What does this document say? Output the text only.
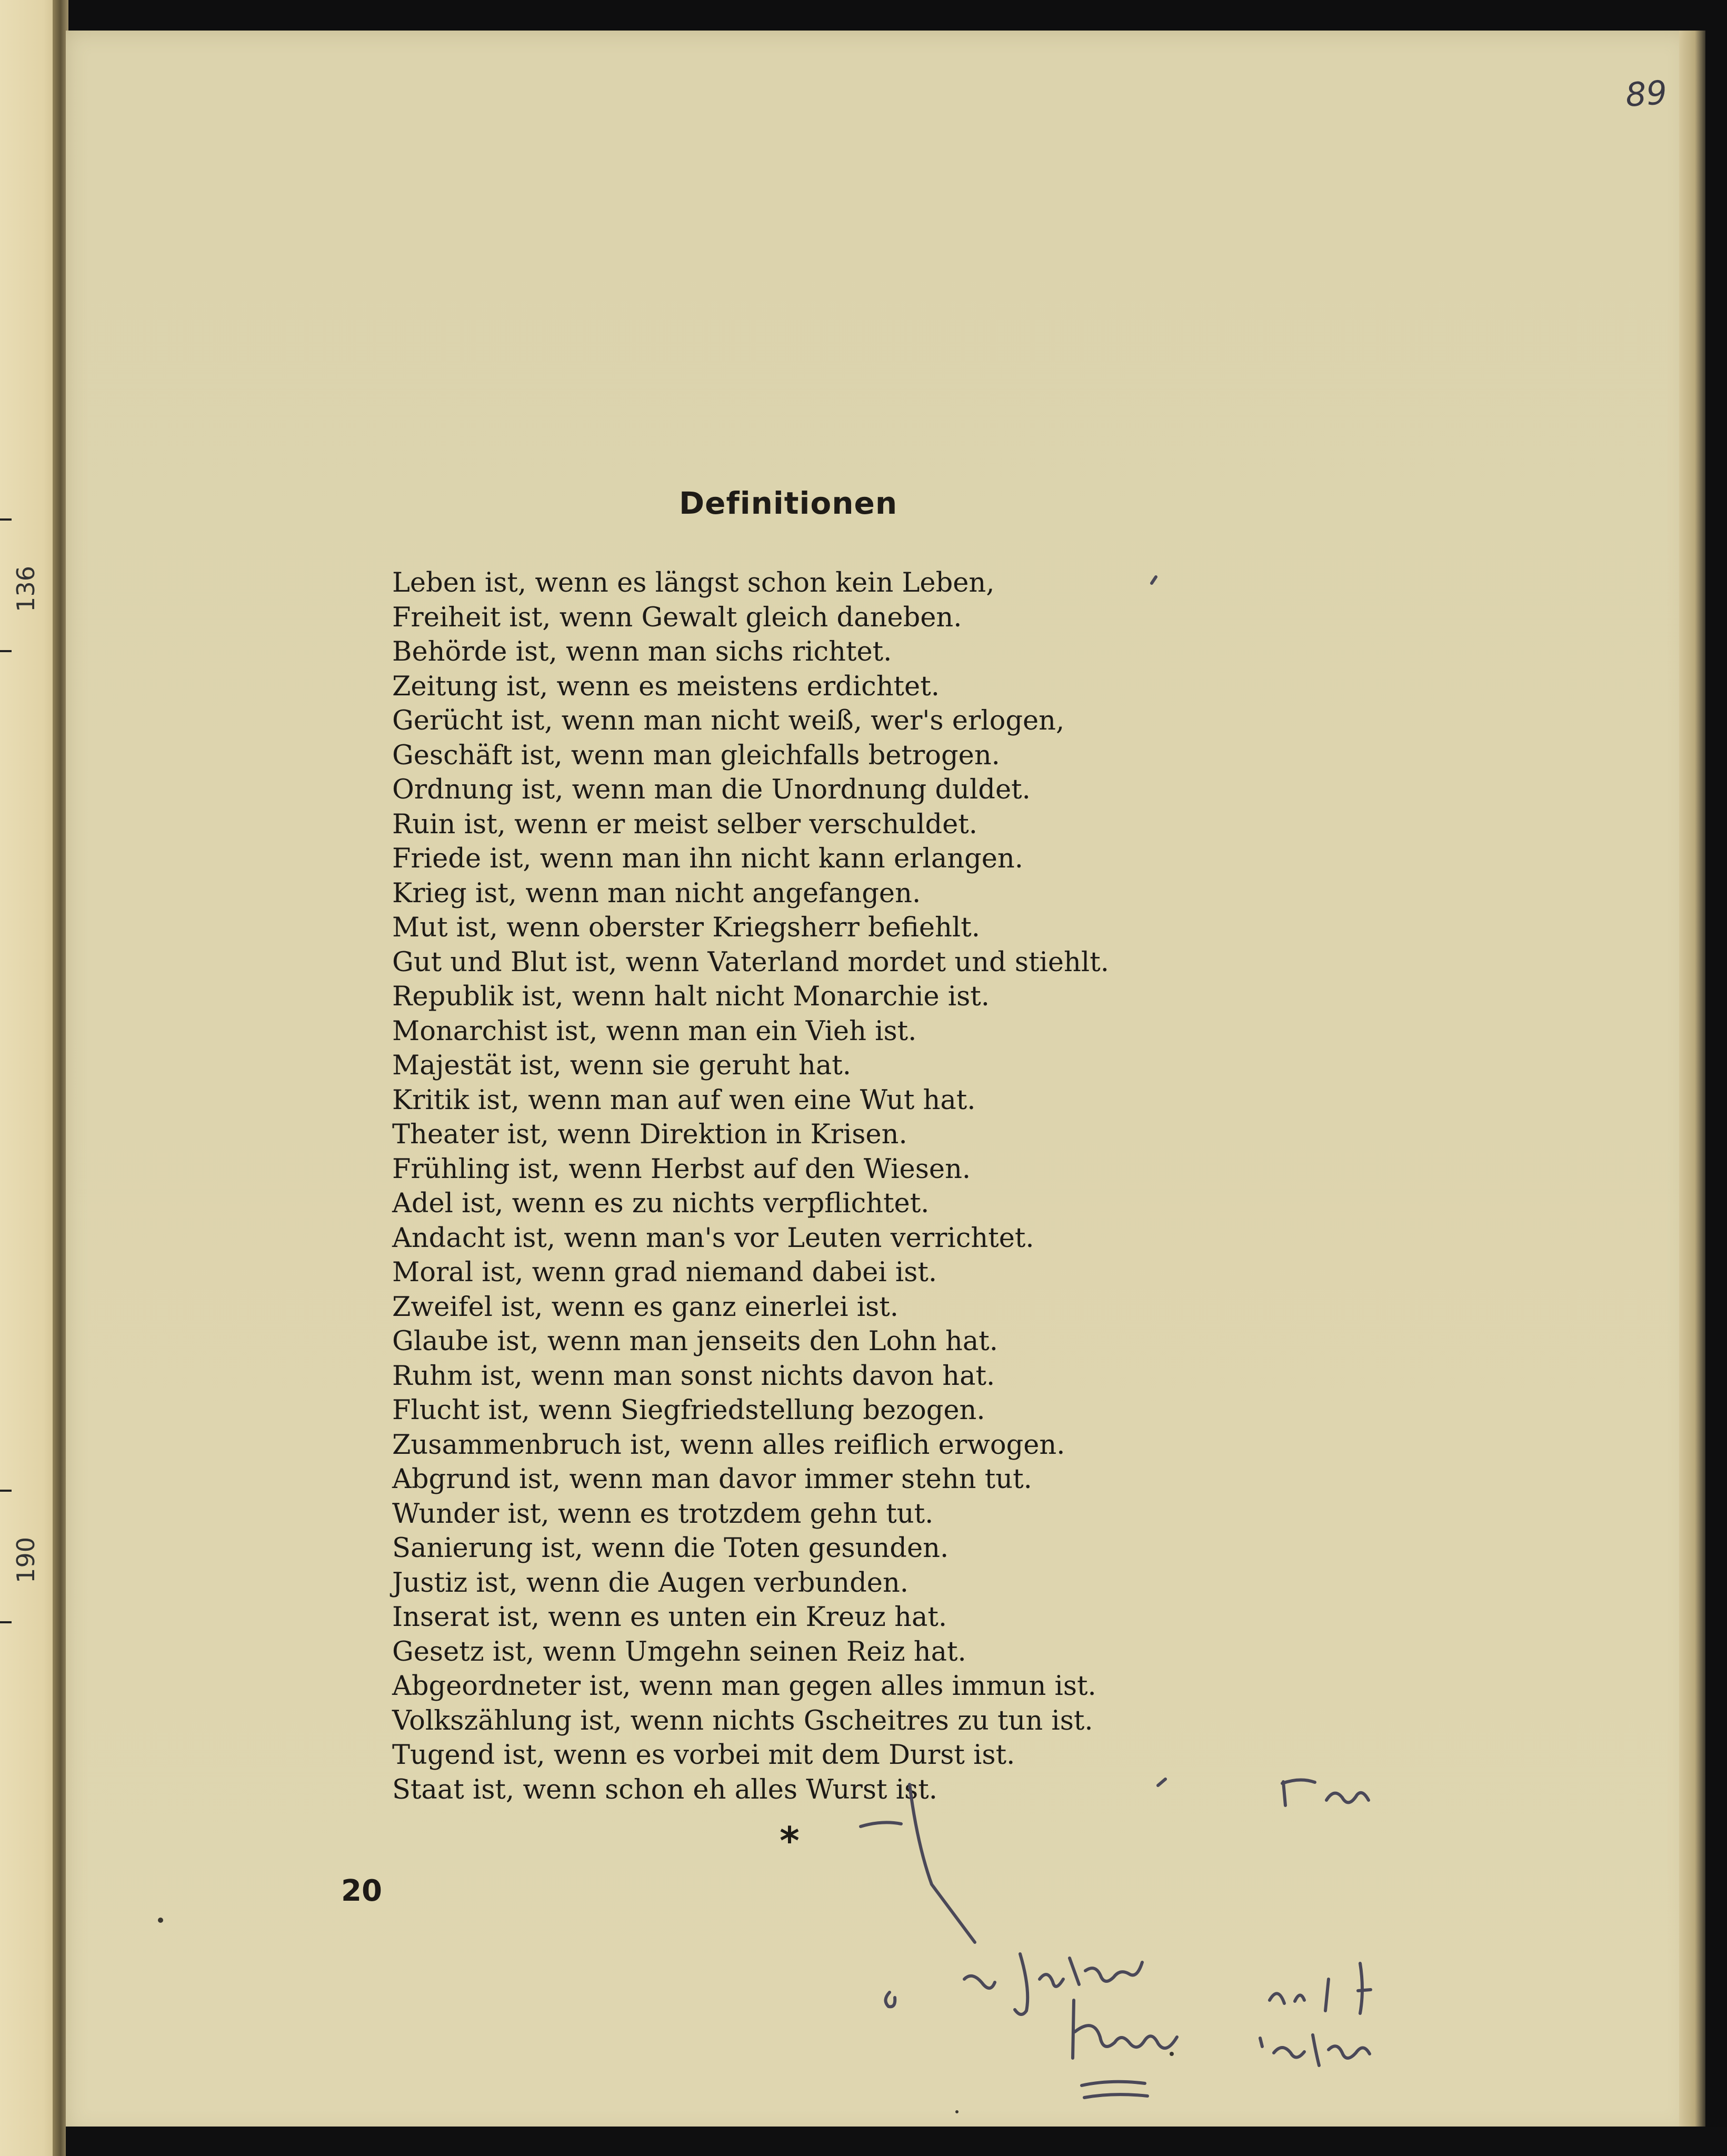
136
190
89
Definitionen
Leben ist, wenn es längst schon kein Leben,
Freiheit ist, wenn Gewalt gleich daneben.
Behörde ist, wenn man sichs richtet.
Zeitung ist, wenn es meistens erdichtet.
Gerücht ist, wenn man nicht weiß, wer's erlogen,
Geschäft ist, wenn man gleichfalls betrogen.
Ordnung ist, wenn man die Unordnung duldet.
Ruin ist, wenn er meist selber verschuldet.
Friede ist, wenn man ihn nicht kann erlangen.
Krieg ist, wenn man nicht angefangen.
Mut ist, wenn oberster Kriegsherr befiehlt.
Gut und Blut ist, wenn Vaterland mordet und stiehlt.
Republik ist, wenn halt nicht Monarchie ist.
Monarchist ist, wenn man ein Vieh ist.
Majestät ist, wenn sie geruht hat.
Kritik ist, wenn man auf wen eine Wut hat.
Theater ist, wenn Direktion in Krisen.
Frühling ist, wenn Herbst auf den Wiesen.
Adel ist, wenn es zu nichts verpflichtet.
Andacht ist, wenn man's vor Leuten verrichtet.
Moral ist, wenn grad niemand dabei ist.
Zweifel ist, wenn es ganz einerlei ist.
Glaube ist, wenn man jenseits den Lohn hat.
Ruhm ist, wenn man sonst nichts davon hat.
Flucht ist, wenn Siegfriedstellung bezogen.
Zusammenbruch ist, wenn alles reiflich erwogen.
Abgrund ist, wenn man davor immer stehn tut.
Wunder ist, wenn es trotzdem gehn tut.
Sanierung ist, wenn die Toten gesunden.
Justiz ist, wenn die Augen verbunden.
Inserat ist, wenn es unten ein Kreuz hat.
Gesetz ist, wenn Umgehn seinen Reiz hat.
Abgeordneter ist, wenn man gegen alles immun ist.
Volkszählung ist, wenn nichts Gscheitres zu tun ist.
Tugend ist, wenn es vorbei mit dem Durst ist.
Staat ist, wenn schon eh alles Wurst ist.
*
20
